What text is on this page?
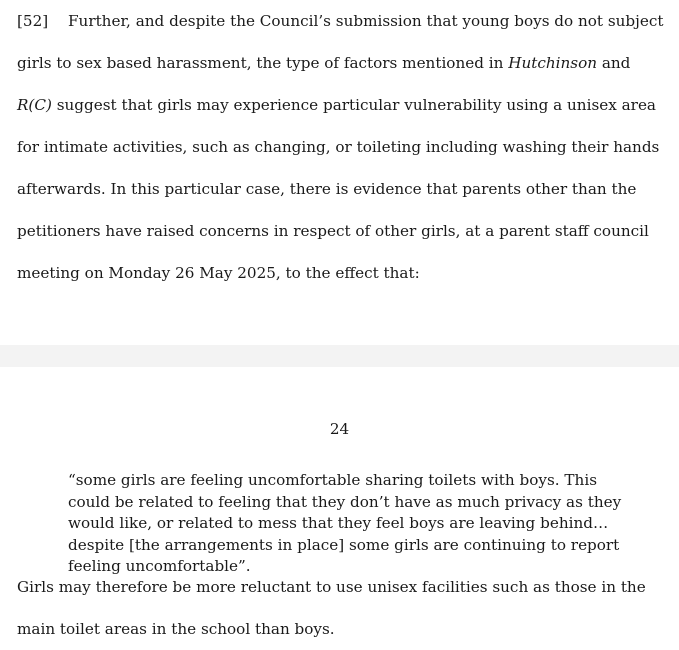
[52] Further, and despite the Council’s submission that young boys do not subject girls to sex based harassment, the type of factors mentioned in Hutchinson and R(C) suggest that girls may experience particular vulnerability using a unisex area for intimate activities, such as changing, or toileting including washing their hands afterwards. In this particular case, there is evidence that parents other than the petitioners have raised concerns in respect of other girls, at a parent staff council meeting on Monday 26 May 2025, to the effect that:

24

“some girls are feeling uncomfortable sharing toilets with boys. This could be related to feeling that they don’t have as much privacy as they would like, or related to mess that they feel boys are leaving behind…despite [the arrangements in place] some girls are continuing to report feeling uncomfortable”.

Girls may therefore be more reluctant to use unisex facilities such as those in the main toilet areas in the school than boys.
